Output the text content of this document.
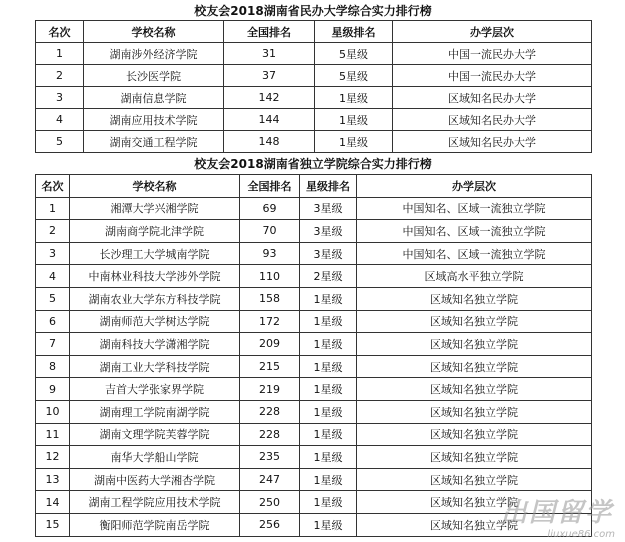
校友会2018湖南省民办大学综合实力排行榜
名次	学校名称	全国排名	星级排名	办学层次
1	湖南涉外经济学院	31	5星级	中国一流民办大学
2	长沙医学院	37	5星级	中国一流民办大学
3	湖南信息学院	142	1星级	区域知名民办大学
4	湖南应用技术学院	144	1星级	区域知名民办大学
5	湖南交通工程学院	148	1星级	区域知名民办大学
校友会2018湖南省独立学院综合实力排行榜
名次	学校名称	全国排名	星级排名	办学层次
1	湘潭大学兴湘学院	69	3星级	中国知名、区域一流独立学院
2	湖南商学院北津学院	70	3星级	中国知名、区域一流独立学院
3	长沙理工大学城南学院	93	3星级	中国知名、区域一流独立学院
4	中南林业科技大学涉外学院	110	2星级	区域高水平独立学院
5	湖南农业大学东方科技学院	158	1星级	区域知名独立学院
6	湖南师范大学树达学院	172	1星级	区域知名独立学院
7	湖南科技大学潇湘学院	209	1星级	区域知名独立学院
8	湖南工业大学科技学院	215	1星级	区域知名独立学院
9	吉首大学张家界学院	219	1星级	区域知名独立学院
10	湖南理工学院南湖学院	228	1星级	区域知名独立学院
11	湖南文理学院芙蓉学院	228	1星级	区域知名独立学院
12	南华大学船山学院	235	1星级	区域知名独立学院
13	湖南中医药大学湘杏学院	247	1星级	区域知名独立学院
14	湖南工程学院应用技术学院	250	1星级	区域知名独立学院
15	衡阳师范学院南岳学院	256	1星级	区域知名独立学院
出国留学
liuxue86.com
